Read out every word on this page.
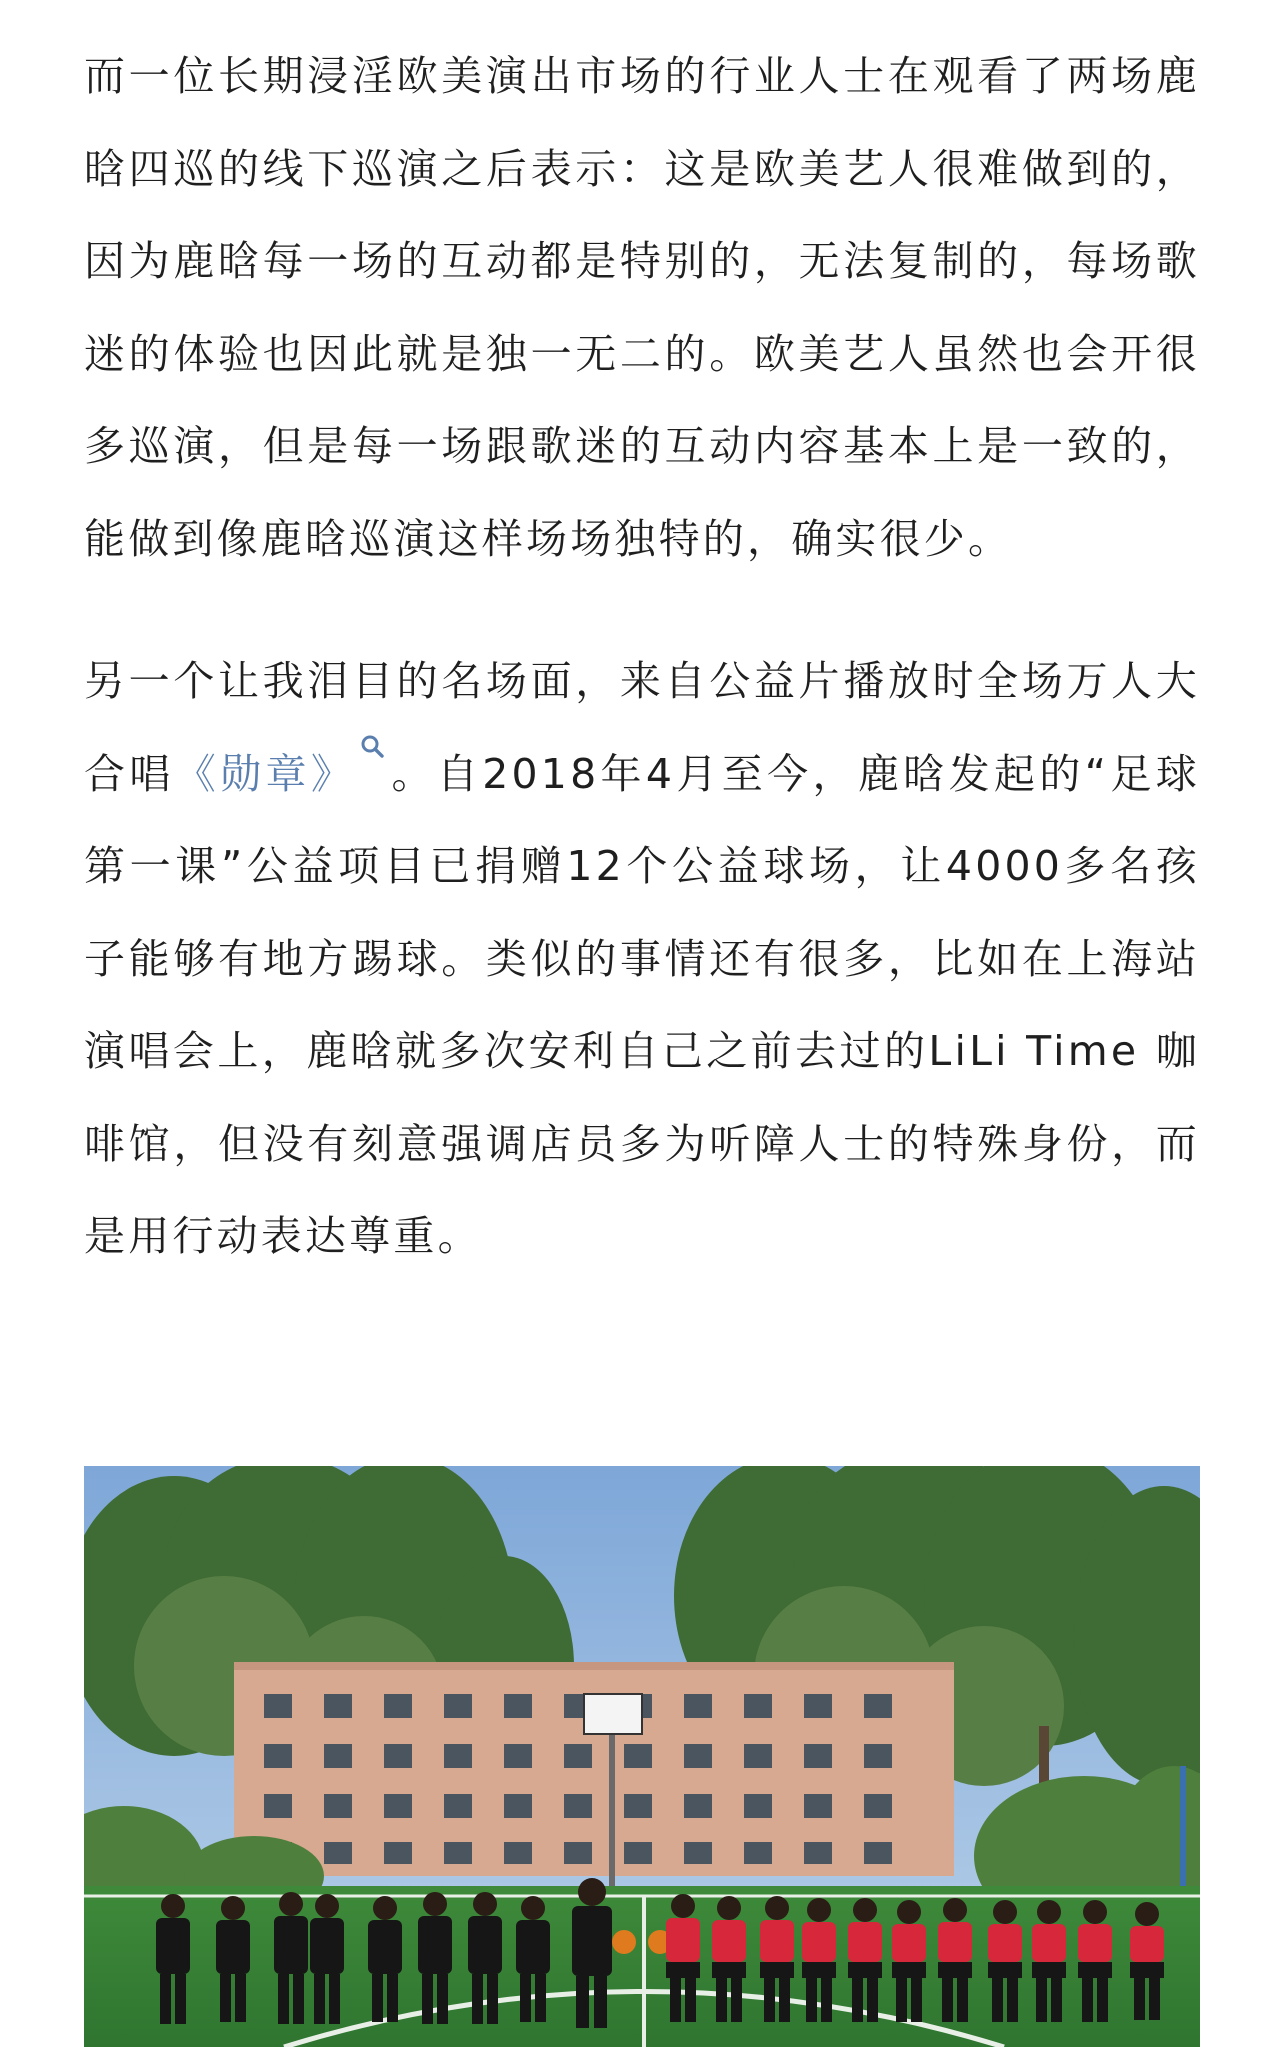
而一位长期浸淫欧美演出市场的行业人士在观看了两场鹿晗四巡的线下巡演之后表示：这是欧美艺人很难做到的，因为鹿晗每一场的互动都是特别的，无法复制的，每场歌迷的体验也因此就是独一无二的。欧美艺人虽然也会开很多巡演，但是每一场跟歌迷的互动内容基本上是一致的，能做到像鹿晗巡演这样场场独特的，确实很少。

另一个让我泪目的名场面，来自公益片播放时全场万人大合唱《勋章》 。自2018年4月至今，鹿晗发起的“足球第一课”公益项目已捐赠12个公益球场，让4000多名孩子能够有地方踢球。类似的事情还有很多，比如在上海站演唱会上，鹿晗就多次安利自己之前去过的LiLi Time 咖啡馆，但没有刻意强调店员多为听障人士的特殊身份，而是用行动表达尊重。
